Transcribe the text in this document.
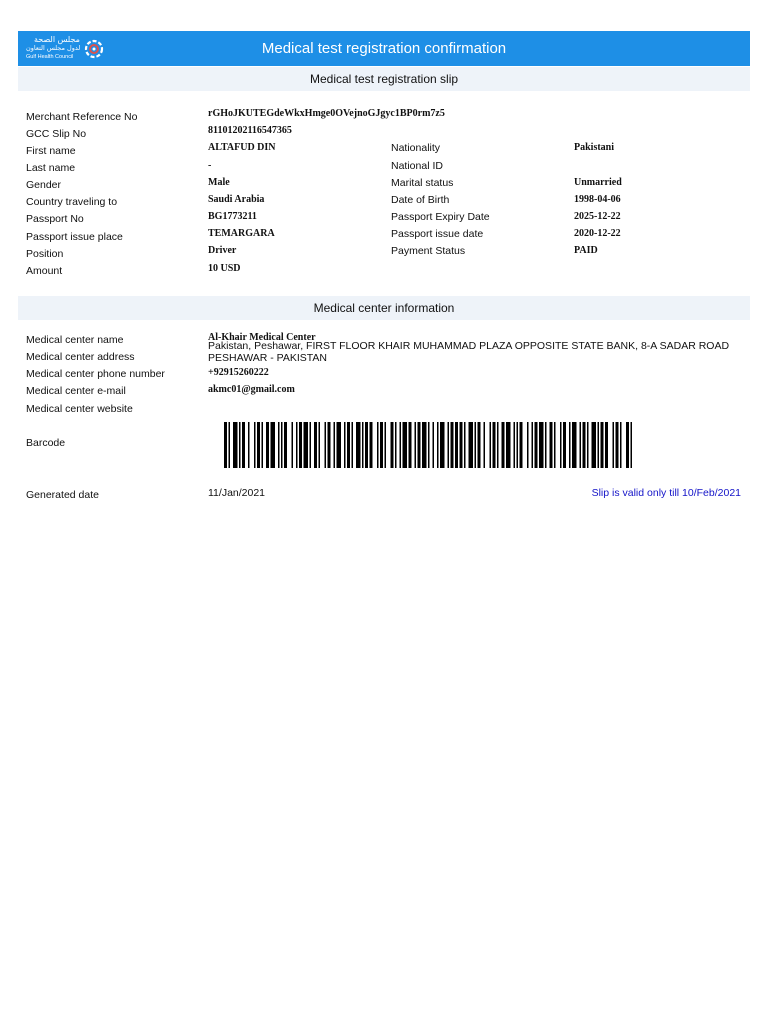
مجلس الصحة
لدول مجلس التعاون
Gulf Health Council	Medical test registration confirmation
Medical test registration slip
Merchant Reference No
GCC Slip No
First name
Last name
Gender
Country traveling to
Passport No
Passport issue place
Position
Amount
rGHoJKUTEGdeWkxHmge0OVejnoGJgyc1BP0rm7z5
81101202116547365
ALTAFUD DIN
-
Male
Saudi Arabia
BG1773211
TEMARGARA
Driver
10 USD
Nationality
National ID
Marital status
Date of Birth
Passport Expiry Date
Passport issue date
Payment Status
Pakistani
Unmarried
1998-04-06
2025-12-22
2020-12-22
PAID
Medical center information
Medical center name
Medical center address
Medical center phone number
Medical center e-mail
Medical center website
Barcode
Generated date
Al-Khair Medical Center
Pakistan, Peshawar, FIRST FLOOR KHAIR MUHAMMAD PLAZA OPPOSITE STATE BANK, 8-A SADAR ROAD PESHAWAR - PAKISTAN
+92915260222
akmc01@gmail.com
11/Jan/2021	Slip is valid only till 10/Feb/2021
